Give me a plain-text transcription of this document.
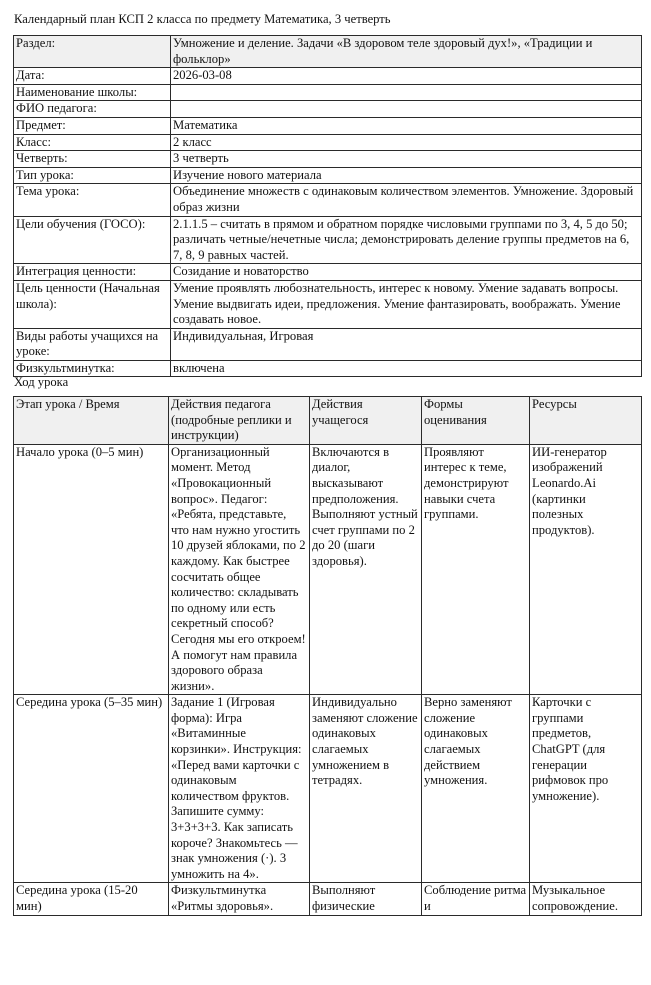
Календарный план КСП 2 класса по предмету Математика, 3 четверть
Раздел:	Умножение и деление. Задачи «В здоровом теле здоровый дух!», «Традиции и фольклор»
Дата:	2026-03-08
Наименование школы:	
ФИО педагога:	
Предмет:	Математика
Класс:	2 класс
Четверть:	3 четверть
Тип урока:	Изучение нового материала
Тема урока:	Объединение множеств с одинаковым количеством элементов. Умножение. Здоровый образ жизни
Цели обучения (ГОСО):	2.1.1.5 – считать в прямом и обратном порядке числовыми группами по 3, 4, 5 до 50; различать четные/нечетные числа; демонстрировать деление группы предметов на 6, 7, 8, 9 равных частей.
Интеграция ценности:	Созидание и новаторство
Цель ценности (Начальная школа):	Умение проявлять любознательность, интерес к новому. Умение задавать вопросы. Умение выдвигать идеи, предложения. Умение фантазировать, воображать. Умение создавать новое.
Виды работы учащихся на уроке:	Индивидуальная, Игровая
Физкультминутка:	включена
Ход урока
Этап урока / Время	Действия педагога (подробные реплики и инструкции)	Действия учащегося	Формы оценивания	Ресурсы
Начало урока (0–5 мин)	Организационный момент. Метод «Провокационный вопрос». Педагог: «Ребята, представьте, что нам нужно угостить 10 друзей яблоками, по 2 каждому. Как быстрее сосчитать общее количество: складывать по одному или есть секретный способ? Сегодня мы его откроем! А помогут нам правила здорового образа жизни».	Включаются в диалог, высказывают предположения. Выполняют устный счет группами по 2 до 20 (шаги здоровья).	Проявляют интерес к теме, демонстрируют навыки счета группами.	ИИ-генератор изображений Leonardo.Ai (картинки полезных продуктов).
Середина урока (5–35 мин)	Задание 1 (Игровая форма): Игра «Витаминные корзинки». Инструкция: «Перед вами карточки с одинаковым количеством фруктов. Запишите сумму: 3+3+3+3. Как записать короче? Знакомьтесь — знак умножения (·). 3 умножить на 4».	Индивидуально заменяют сложение одинаковых слагаемых умножением в тетрадях.	Верно заменяют сложение одинаковых слагаемых действием умножения.	Карточки с группами предметов, ChatGPT (для генерации рифмовок про умножение).
Середина урока (15-20 мин)	Физкультминутка «Ритмы здоровья».	Выполняют физические	Соблюдение ритма и	Музыкальное сопровождение.
